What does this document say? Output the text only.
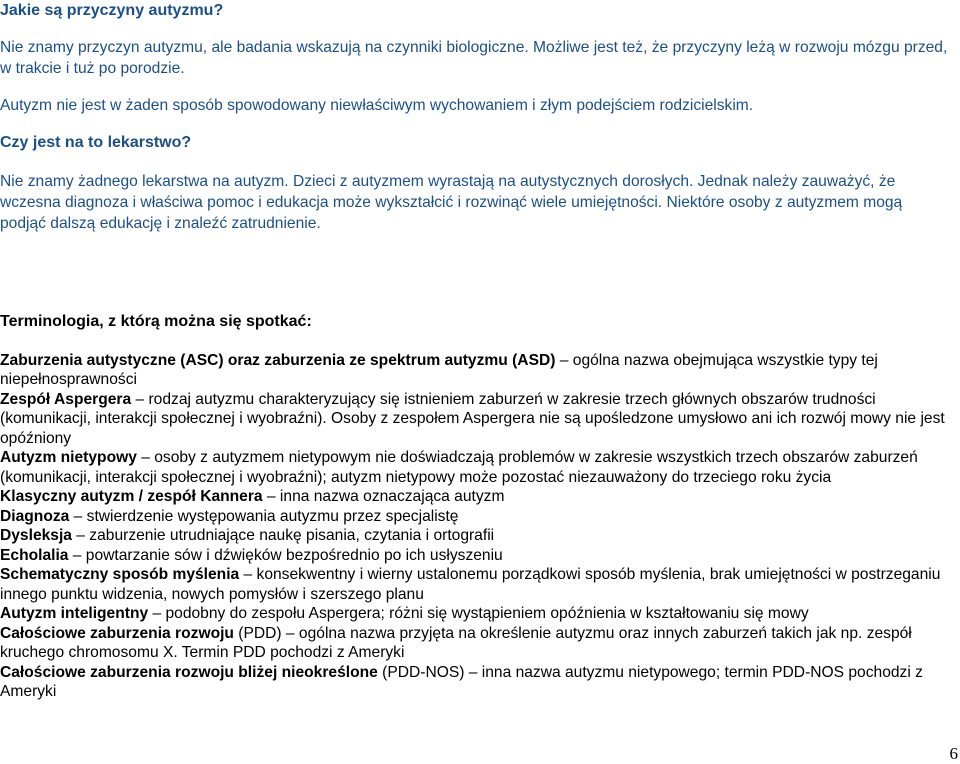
Jakie są przyczyny autyzmu?

Nie znamy przyczyn autyzmu, ale badania wskazują na czynniki biologiczne. Możliwe jest też, że przyczyny leżą w rozwoju mózgu przed, w trakcie i tuż po porodzie.

Autyzm nie jest w żaden sposób spowodowany niewłaściwym wychowaniem i złym podejściem rodzicielskim.

Czy jest na to lekarstwo?

Nie znamy żadnego lekarstwa na autyzm. Dzieci z autyzmem wyrastają na autystycznych dorosłych. Jednak należy zauważyć, że wczesna diagnoza i właściwa pomoc i edukacja może wykształcić i rozwinąć wiele umiejętności. Niektóre osoby z autyzmem mogą podjąć dalszą edukację i znaleźć zatrudnienie.

Terminologia, z którą można się spotkać:

Zaburzenia autystyczne (ASC) oraz zaburzenia ze spektrum autyzmu (ASD) – ogólna nazwa obejmująca wszystkie typy tej niepełnosprawności

Zespół Aspergera – rodzaj autyzmu charakteryzujący się istnieniem zaburzeń w zakresie trzech głównych obszarów trudności (komunikacji, interakcji społecznej i wyobraźni). Osoby z zespołem Aspergera nie są upośledzone umysłowo ani ich rozwój mowy nie jest opóźniony

Autyzm nietypowy – osoby z autyzmem nietypowym nie doświadczają problemów w zakresie wszystkich trzech obszarów zaburzeń (komunikacji, interakcji społecznej i wyobraźni); autyzm nietypowy może pozostać niezauważony do trzeciego roku życia

Klasyczny autyzm / zespół Kannera – inna nazwa oznaczająca autyzm

Diagnoza – stwierdzenie występowania autyzmu przez specjalistę

Dysleksja – zaburzenie utrudniające naukę pisania, czytania i ortografii

Echolalia – powtarzanie sów i dźwięków bezpośrednio po ich usłyszeniu

Schematyczny sposób myślenia – konsekwentny i wierny ustalonemu porządkowi sposób myślenia, brak umiejętności w postrzeganiu innego punktu widzenia, nowych pomysłów i szerszego planu

Autyzm inteligentny – podobny do zespołu Aspergera; różni się wystąpieniem opóźnienia w kształtowaniu się mowy

Całościowe zaburzenia rozwoju (PDD) – ogólna nazwa przyjęta na określenie autyzmu oraz innych zaburzeń takich jak np. zespół kruchego chromosomu X. Termin PDD pochodzi z Ameryki

Całościowe zaburzenia rozwoju bliżej nieokreślone (PDD-NOS) – inna nazwa autyzmu nietypowego; termin PDD-NOS pochodzi z Ameryki

6
